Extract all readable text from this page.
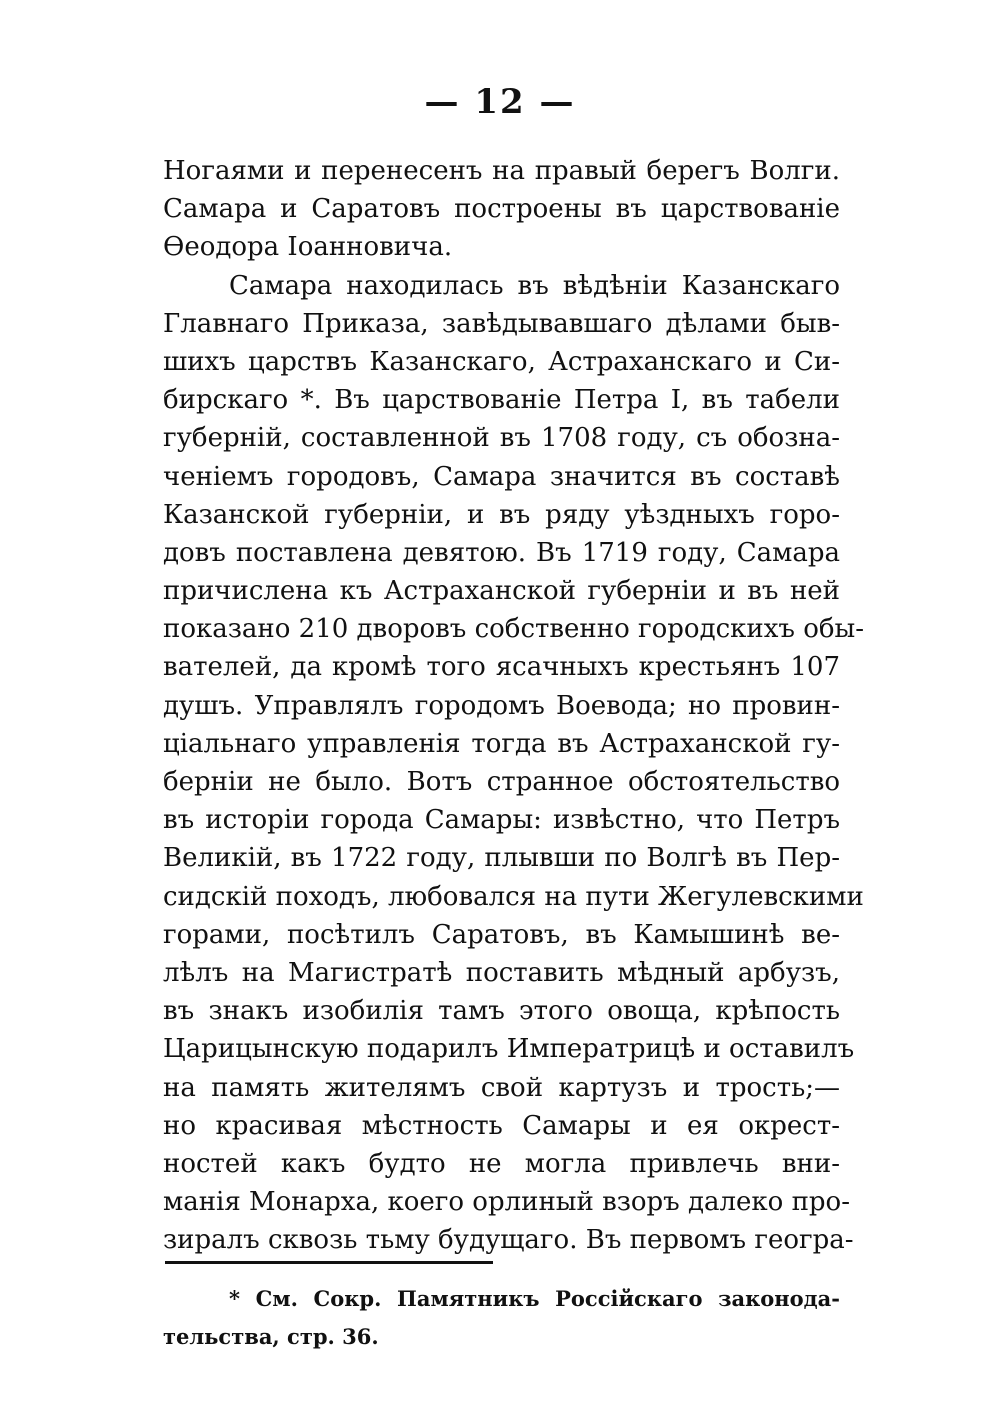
— 12 —
Ногаями и перенесенъ на правый берегъ Волги.
Самара и Саратовъ построены въ царствованіе
Ѳеодора Іоанновича.
Самара находилась въ вѣдѣніи Казанскаго
Главнаго Приказа, завѣдывавшаго дѣлами быв-
шихъ царствъ Казанскаго, Астраханскаго и Си-
бирскаго *. Въ царствованіе Петра I, въ табели
губерній, составленной въ 1708 году, съ обозна-
ченіемъ городовъ, Самара значится въ составѣ
Казанской губерніи, и въ ряду уѣздныхъ горо-
довъ поставлена девятою. Въ 1719 году, Самара
причислена къ Астраханской губерніи и въ ней
показано 210 дворовъ собственно городскихъ обы-
вателей, да кромѣ того ясачныхъ крестьянъ 107
душъ. Управлялъ городомъ Воевода; но провин-
ціальнаго управленія тогда въ Астраханской гу-
берніи не было. Вотъ странное обстоятельство
въ исторіи города Самары: извѣстно, что Петръ
Великій, въ 1722 году, плывши по Волгѣ въ Пер-
сидскій походъ, любовался на пути Жегулевскими
горами, посѣтилъ Саратовъ, въ Камышинѣ ве-
лѣлъ на Магистратѣ поставить мѣдный арбузъ,
въ знакъ изобилія тамъ этого овоща, крѣпость
Царицынскую подарилъ Императрицѣ и оставилъ
на память жителямъ свой картузъ и трость;—
но красивая мѣстность Самары и ея окрест-
ностей какъ будто не могла привлечь вни-
манія Монарха, коего орлиный взоръ далеко про-
зиралъ сквозь тьму будущаго. Въ первомъ геогра-
* См. Сокр. Памятникъ Россійскаго законода-
тельства, стр. 36.
